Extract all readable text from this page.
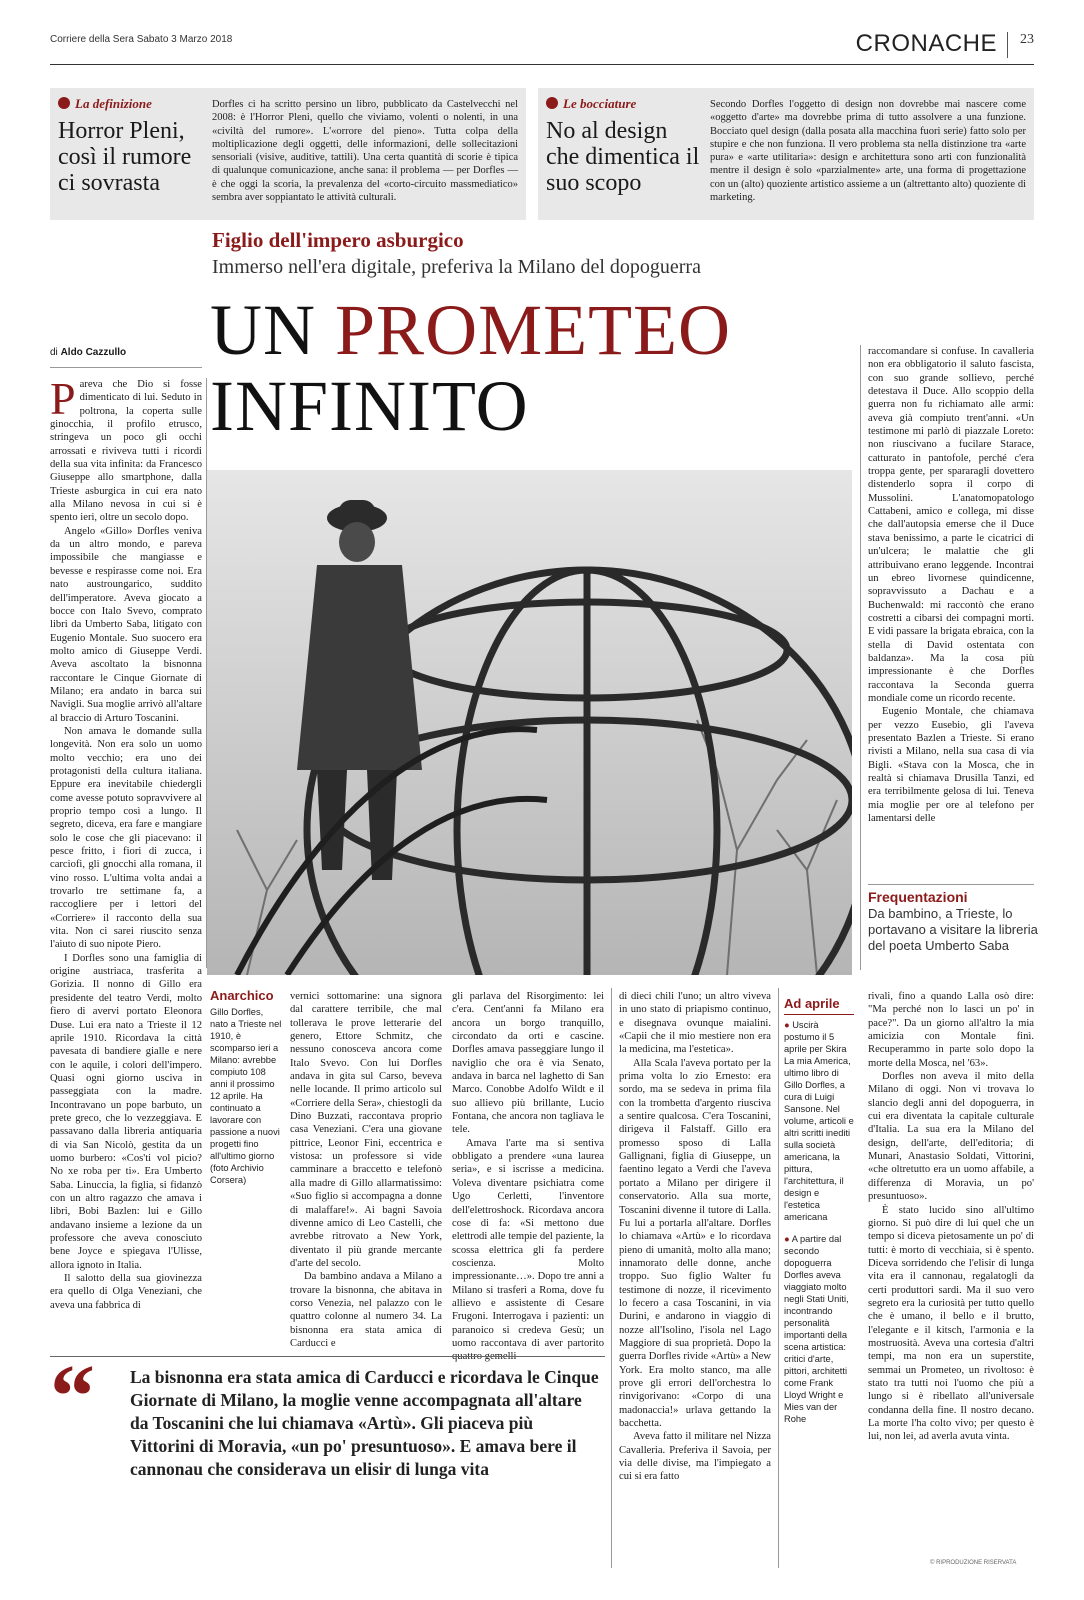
Corriere della Sera Sabato 3 Marzo 2018	CRONACHE 23
La definizione
Horror Pleni, così il rumore ci sovrasta
Dorfles ci ha scritto persino un libro, pubblicato da Castelvecchi nel 2008: è l'Horror Pleni, quello che viviamo, volenti o nolenti, in una «civiltà del rumore». L'«orrore del pieno». Tutta colpa della moltiplicazione degli oggetti, delle informazioni, delle sollecitazioni sensoriali (visive, auditive, tattili). Una certa quantità di scorie è tipica di qualunque comunicazione, anche sana: il problema — per Dorfles — è che oggi la scoria, la prevalenza del «corto-circuito massmediatico» sembra aver soppiantato le attività culturali.
Le bocciature
No al design che dimentica il suo scopo
Secondo Dorfles l'oggetto di design non dovrebbe mai nascere come «oggetto d'arte» ma dovrebbe prima di tutto assolvere a una funzione. Bocciato quel design (dalla posata alla macchina fuori serie) fatto solo per stupire e che non funziona. Il vero problema sta nella distinzione tra «arte pura» e «arte utilitaria»: design e architettura sono arti con funzionalità mentre il design è solo «parzialmente» arte, una forma di progettazione con un (alto) quoziente artistico assieme a un (altrettanto alto) quoziente di marketing.
Figlio dell'impero asburgico
Immerso nell'era digitale, preferiva la Milano del dopoguerra
UN PROMETEO
INFINITO
di Aldo Cazzullo

Pareva che Dio si fosse dimenticato di lui. Seduto in poltrona, la coperta sulle ginocchia, il profilo etrusco, stringeva un poco gli occhi arrossati e riviveva tutti i ricordi della sua vita infinita: da Francesco Giuseppe allo smartphone, dalla Trieste asburgica in cui era nato alla Milano nevosa in cui si è spento ieri, oltre un secolo dopo.

Angelo «Gillo» Dorfles veniva da un altro mondo, e pareva impossibile che mangiasse e bevesse e respirasse come noi. Era nato austroungarico, suddito dell'imperatore. Aveva giocato a bocce con Italo Svevo, comprato libri da Umberto Saba, litigato con Eugenio Montale. Suo suocero era molto amico di Giuseppe Verdi. Aveva ascoltato la bisnonna raccontare le Cinque Giornate di Milano; era andato in barca sui Navigli. Sua moglie arrivò all'altare al braccio di Arturo Toscanini.

Non amava le domande sulla longevità. Non era solo un uomo molto vecchio; era uno dei protagonisti della cultura italiana. Eppure era inevitabile chiedergli come avesse potuto sopravvivere al proprio tempo così a lungo. Il segreto, diceva, era fare e mangiare solo le cose che gli piacevano: il pesce fritto, i fiori di zucca, i carciofi, gli gnocchi alla romana, il vino rosso. L'ultima volta andai a trovarlo tre settimane fa, a raccogliere per i lettori del «Corriere» il racconto della sua vita. Non ci sarei riuscito senza l'aiuto di suo nipote Piero.

I Dorfles sono una famiglia di origine austriaca, trasferita a Gorizia. Il nonno di Gillo era presidente del teatro Verdi, molto fiero di avervi portato Eleonora Duse. Lui era nato a Trieste il 12 aprile 1910. Ricordava la città pavesata di bandiere gialle e nere con le aquile, i colori dell'impero. Quasi ogni giorno usciva in passeggiata con la madre. Incontravano un pope barbuto, un prete greco, che lo vezzeggiava. E passavano dalla libreria antiquaria di via San Nicolò, gestita da un uomo burbero: «Cos'ti vol picio? No xe roba per ti». Era Umberto Saba. Linuccia, la figlia, si fidanzò con un altro ragazzo che amava i libri, Bobi Bazlen: lui e Gillo andavano insieme a lezione da un professore che aveva conosciuto bene Joyce e spiegava l'Ulisse, allora ignoto in Italia.

Il salotto della sua giovinezza era quello di Olga Veneziani, che aveva una fabbrica di

Anarchico
Gillo Dorfles, nato a Trieste nel 1910, è scomparso ieri a Milano: avrebbe compiuto 108 anni il prossimo 12 aprile. Ha continuato a lavorare con passione a nuovi progetti fino all'ultimo giorno (foto Archivio Corsera)

vernici sottomarine: una signora dal carattere terribile, che mal tollerava le prove letterarie del genero, Ettore Schmitz, che nessuno conosceva ancora come Italo Svevo. Con lui Dorfles andava in gita sul Carso, beveva nelle locande. Il primo articolo sul «Corriere della Sera», chiestogli da Dino Buzzati, raccontava proprio casa Veneziani. C'era una giovane pittrice, Leonor Fini, eccentrica e vistosa: un professore si vide camminare a braccetto e telefonò alla madre di Gillo allarmatissimo: «Suo figlio si accompagna a donne di malaffare!». Ai bagni Savoia divenne amico di Leo Castelli, che avrebbe ritrovato a New York, diventato il più grande mercante d'arte del secolo.

Da bambino andava a Milano a trovare la bisnonna, che abitava in corso Venezia, nel palazzo con le quattro colonne al numero 34. La bisnonna era stata amica di Carducci e

gli parlava del Risorgimento: lei c'era. Cent'anni fa Milano era ancora un borgo tranquillo, circondato da orti e cascine. Dorfles amava passeggiare lungo il naviglio che ora è via Senato, andava in barca nel laghetto di San Marco. Conobbe Adolfo Wildt e il suo allievo più brillante, Lucio Fontana, che ancora non tagliava le tele.

Amava l'arte ma si sentiva obbligato a prendere «una laurea seria», e si iscrisse a medicina. Voleva diventare psichiatra come Ugo Cerletti, l'inventore dell'elettroshock. Ricordava ancora cose di fa: «Si mettono due elettrodi alle tempie del paziente, la scossa elettrica gli fa perdere coscienza. Molto impressionante…». Dopo tre anni a Milano si trasferì a Roma, dove fu allievo e assistente di Cesare Frugoni. Interrogava i pazienti: un paranoico si credeva Gesù; un uomo raccontava di aver partorito

di dieci chili l'uno; un altro viveva in uno stato di priapismo continuo, e disegnava ovunque maialini. «Capii che il mio mestiere non era la medicina, ma l'estetica».

Alla Scala l'aveva portato per la prima volta lo zio Ernesto: era sordo, ma se sedeva in prima fila con la trombetta d'argento riusciva a sentire qualcosa. C'era Toscanini, dirigeva il Falstaff. Gillo era promesso sposo di Lalla Gallignani, figlia di Giuseppe, un faentino legato a Verdi che l'aveva portato a Milano per dirigere il conservatorio. Alla sua morte, Toscanini divenne il tutore di Lalla. Fu lui a portarla all'altare. Dorfles lo chiamava «Artù» e lo ricordava pieno di umanità, molto alla mano; innamorato delle donne, anche troppo. Suo figlio Walter fu testimone di nozze, il ricevimento lo fecero a casa Toscanini, in via Durini, e andarono in viaggio di nozze all'Isolino, l'isola nel Lago Maggiore di sua proprietà. Dopo la guerra Dorfles rivide «Artù» a New York. Era molto stanco, ma alle prove gli errori dell'orchestra lo rinvigorivano: «Corpo di una madonaccia!» urlava gettando la bacchetta.

Aveva fatto il militare nel Nizza Cavalleria. Preferiva il Savoia, per via delle divise, ma l'impiegato a cui si era fatto

Ad aprile
● Uscirà postumo il 5 aprile per Skira La mia America, ultimo libro di Gillo Dorfles, a cura di Luigi Sansone. Nel volume, articoli e altri scritti inediti sulla società americana, la pittura, l'architettura, il design e l'estetica americana
● A partire dal secondo dopoguerra Dorfles aveva viaggiato molto negli Stati Uniti, incontrando personalità importanti della scena artistica: critici d'arte, pittori, architetti come Frank Lloyd Wright e Mies van der Rohe

raccomandare si confuse. In cavalleria non era obbligatorio il saluto fascista, con suo grande sollievo, perché detestava il Duce. Allo scoppio della guerra non fu richiamato alle armi: aveva già compiuto trent'anni. «Un testimone mi parlò di piazzale Loreto: non riuscivano a fucilare Starace, catturato in pantofole, perché c'era troppa gente, per spararagli dovettero distenderlo sopra il corpo di Mussolini. L'anatomopatologo Cattabeni, amico e collega, mi disse che dall'autopsia emerse che il Duce stava benissimo, a parte le cicatrici di un'ulcera; le malattie che gli attribuivano erano leggende. Incontrai un ebreo livornese quindicenne, sopravvissuto a Dachau e a Buchenwald: mi raccontò che erano costretti a cibarsi dei compagni morti. E vidi passare la brigata ebraica, con la stella di David ostentata con baldanza». Ma la cosa più impressionante è che Dorfles raccontava la Seconda guerra mondiale come un ricordo recente.

Eugenio Montale, che chiamava per vezzo Eusebio, gli l'aveva presentato Bazlen a Trieste. Si erano rivisti a Milano, nella sua casa di via Bigli. «Stava con la Mosca, che in realtà si chiamava Drusilla Tanzi, ed era terribilmente gelosa di lui. Teneva mia moglie per ore al telefono per lamentarsi delle

Frequentazioni
Da bambino, a Trieste, lo portavano a visitare la libreria del poeta Umberto Saba

rivali, fino a quando Lalla osò dire: "Ma perché non lo lasci un po' in pace?". Da un giorno all'altro la mia amicizia con Montale finì. Recuperammo in parte solo dopo la morte della Mosca, nel '63».

Dorfles non aveva il mito della Milano di oggi. Non vi trovava lo slancio degli anni del dopoguerra, in cui era diventata la capitale culturale d'Italia. La sua era la Milano del design, dell'arte, dell'editoria; di Munari, Anastasio Soldati, Vittorini, «che oltretutto era un uomo affabile, a differenza di Moravia, un po' presuntuoso».

È stato lucido sino all'ultimo giorno. Si può dire di lui quel che un tempo si diceva pietosamente un po' di tutti: è morto di vecchiaia, si è spento. Diceva sorridendo che l'elisir di lunga vita era il cannonau, regalatogli da certi produttori sardi. Ma il suo vero segreto era la curiosità per tutto quello che è umano, il bello e il brutto, l'elegante e il kitsch, l'armonia e la mostruosità. Aveva una cortesia d'altri tempi, ma non era un superstite, semmai un Prometeo, un rivoltoso: è stato tra tutti noi l'uomo che più a lungo si è ribellato all'universale condanna della fine. Il nostro decano. La morte l'ha colto vivo; per questo è lui, non lei, ad averla avuta vinta.

“ La bisnonna era stata amica di Carducci e ricordava le Cinque Giornate di Milano, la moglie venne accompagnata all'altare da Toscanini che lui chiamava «Artù». Gli piaceva più Vittorini di Moravia, «un po' presuntuoso». E amava bere il cannonau che considerava un elisir di lunga vita
© RIPRODUZIONE RISERVATA
